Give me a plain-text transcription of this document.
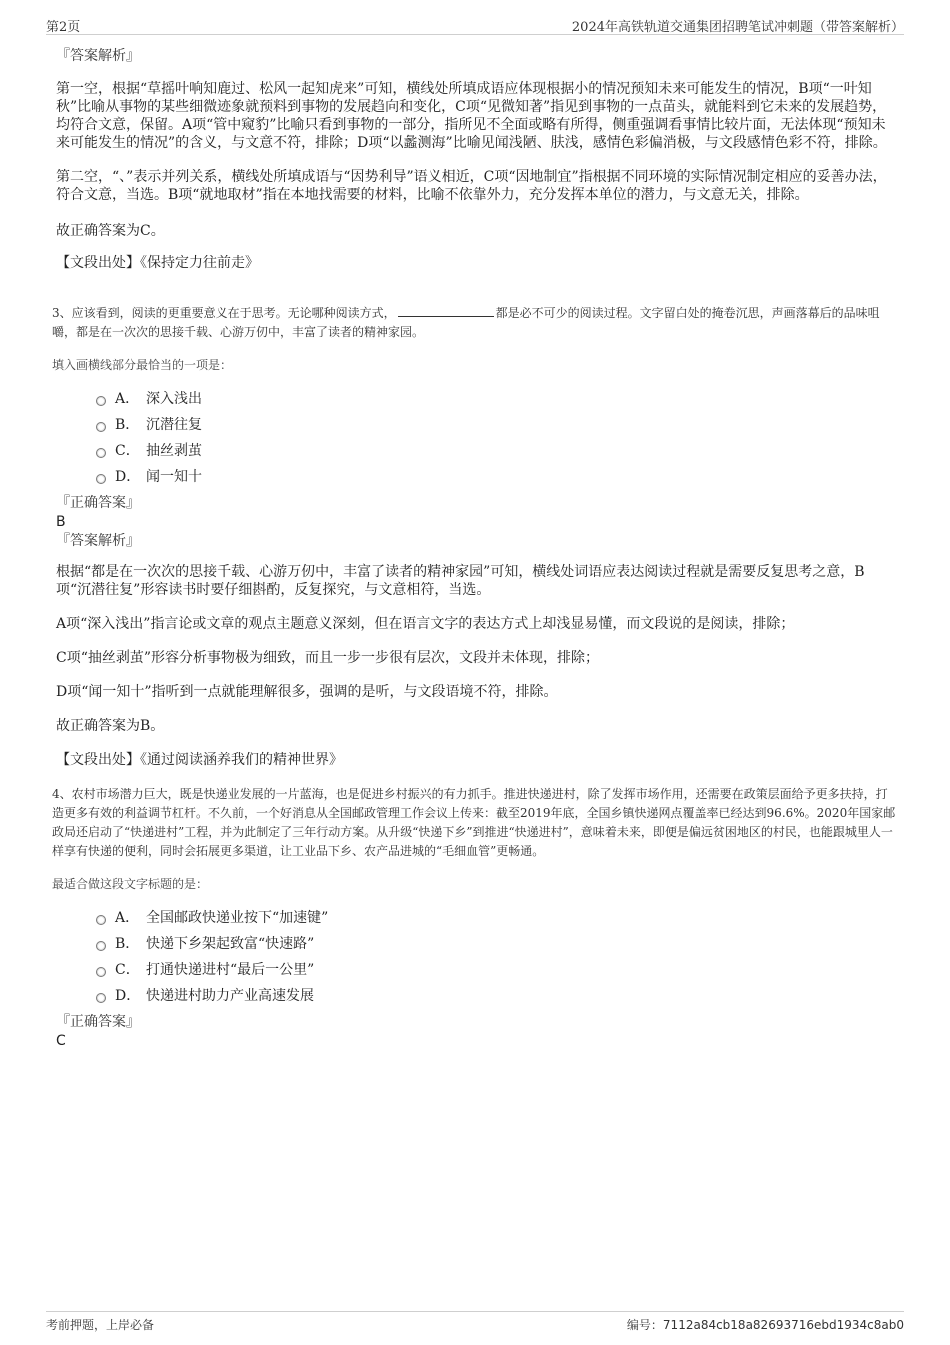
第2页	2024年高铁轨道交通集团招聘笔试冲刺题（带答案解析）
『答案解析』

第一空，根据“草摇叶响知鹿过、松风一起知虎来”可知，横线处所填成语应体现根据小的情况预知未来可能发生的情况，B项“一叶知秋”比喻从事物的某些细微迹象就预料到事物的发展趋向和变化，C项“见微知著”指见到事物的一点苗头，就能料到它未来的发展趋势，均符合文意，保留。A项“管中窥豹”比喻只看到事物的一部分，指所见不全面或略有所得，侧重强调看事情比较片面，无法体现“预知未来可能发生的情况”的含义，与文意不符，排除；D项“以蠡测海”比喻见闻浅陋、肤浅，感情色彩偏消极，与文段感情色彩不符，排除。

第二空，“、”表示并列关系，横线处所填成语与“因势利导”语义相近，C项“因地制宜”指根据不同环境的实际情况制定相应的妥善办法，符合文意，当选。B项“就地取材”指在本地找需要的材料，比喻不依靠外力，充分发挥本单位的潜力，与文意无关，排除。

故正确答案为C。

【文段出处】《保持定力往前走》

3、应该看到，阅读的更重要意义在于思考。无论哪种阅读方式，	都是必不可少的阅读过程。文字留白处的掩卷沉思，声画落幕后的品味咀嚼，都是在一次次的思接千载、心游万仞中，丰富了读者的精神家园。

填入画横线部分最恰当的一项是：
A． 深入浅出
B． 沉潜往复
C． 抽丝剥茧
D． 闻一知十
『正确答案』
B
『答案解析』

根据“都是在一次次的思接千载、心游万仞中，丰富了读者的精神家园”可知，横线处词语应表达阅读过程就是需要反复思考之意，B项“沉潜往复”形容读书时要仔细斟酌，反复探究，与文意相符，当选。

A项“深入浅出”指言论或文章的观点主题意义深刻，但在语言文字的表达方式上却浅显易懂，而文段说的是阅读，排除；

C项“抽丝剥茧”形容分析事物极为细致，而且一步一步很有层次，文段并未体现，排除；

D项“闻一知十”指听到一点就能理解很多，强调的是听，与文段语境不符，排除。

故正确答案为B。

【文段出处】《通过阅读涵养我们的精神世界》

4、农村市场潜力巨大，既是快递业发展的一片蓝海，也是促进乡村振兴的有力抓手。推进快递进村，除了发挥市场作用，还需要在政策层面给予更多扶持，打造更多有效的利益调节杠杆。不久前，一个好消息从全国邮政管理工作会议上传来：截至2019年底，全国乡镇快递网点覆盖率已经达到96.6%。2020年国家邮政局还启动了“快递进村”工程，并为此制定了三年行动方案。从升级“快递下乡”到推进“快递进村”，意味着未来，即便是偏远贫困地区的村民，也能跟城里人一样享有快递的便利，同时会拓展更多渠道，让工业品下乡、农产品进城的“毛细血管”更畅通。

最适合做这段文字标题的是：
A． 全国邮政快递业按下“加速键”
B． 快递下乡架起致富“快速路”
C． 打通快递进村“最后一公里”
D． 快递进村助力产业高速发展
『正确答案』
C
考前押题，上岸必备	编号：7112a84cb18a82693716ebd1934c8ab0
